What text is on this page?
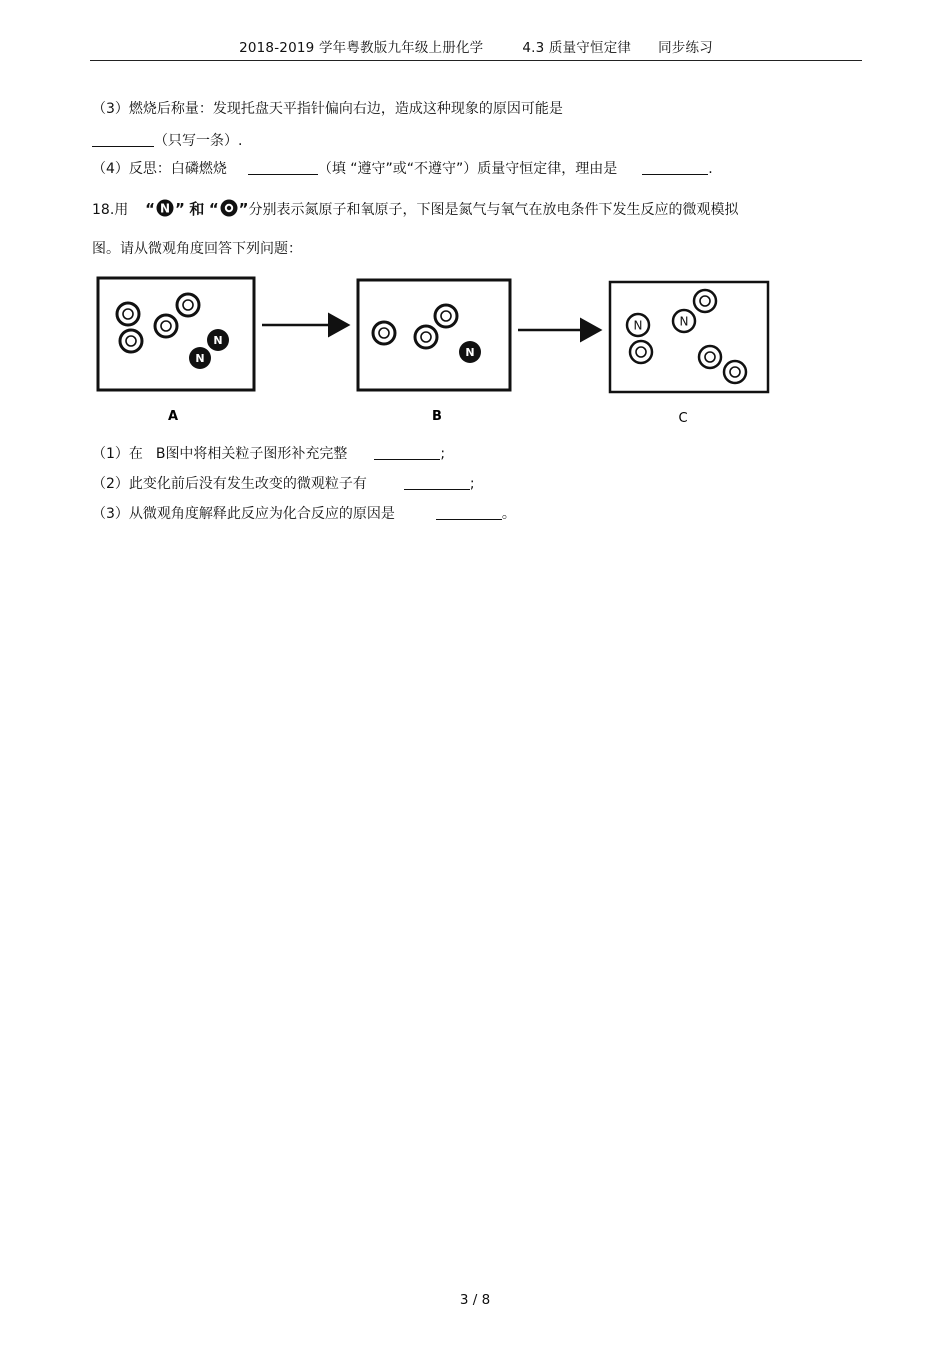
2018-2019 学年粤教版九年级上册化学	4.3 质量守恒定律 同步练习
（3）燃烧后称量：发现托盘天平指针偏向右边，造成这种现象的原因可能是
（只写一条）.
（4）反思：白磷燃烧	（填 “遵守”或“不遵守”）质量守恒定律，理由是	.
18.用 “ N ” 和 “ ”分别表示氮原子和氧原子，下图是氮气与氧气在放电条件下发生反应的微观模拟
图。请从微观角度回答下列问题：
N
N	N
N	N
A	B	C
（1）在 B图中将相关粒子图形补充完整	;
（2）此变化前后没有发生改变的微观粒子有	;
（3）从微观角度解释此反应为化合反应的原因是	。
3 / 8
